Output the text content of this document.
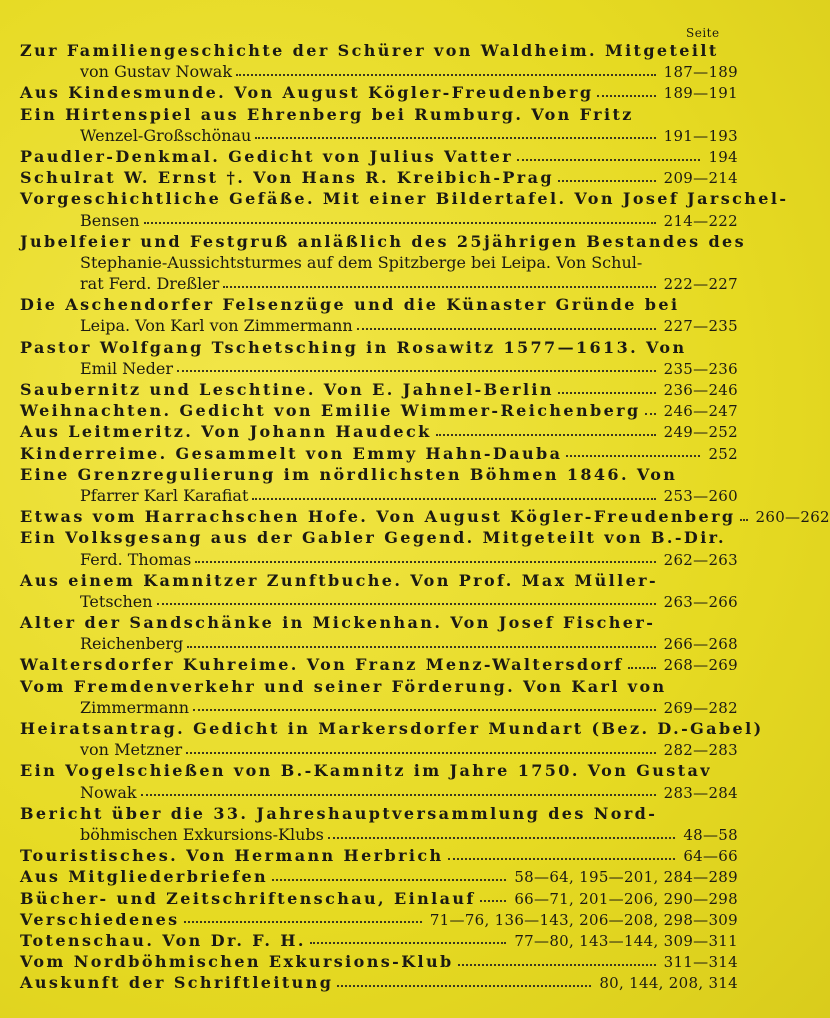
Seite
Zur Familiengeschichte der Schürer von Waldheim. Mitgeteilt
von Gustav Nowak	187—189
Aus Kindesmunde. Von August Kögler-Freudenberg	189—191
Ein Hirtenspiel aus Ehrenberg bei Rumburg. Von Fritz
Wenzel-Großschönau	191—193
Paudler-Denkmal. Gedicht von Julius Vatter	194
Schulrat W. Ernst †. Von Hans R. Kreibich-Prag	209—214
Vorgeschichtliche Gefäße. Mit einer Bildertafel. Von Josef Jarschel-
Bensen	214—222
Jubelfeier und Festgruß anläßlich des 25jährigen Bestandes des
Stephanie-Aussichtsturmes auf dem Spitzberge bei Leipa. Von Schul-
rat Ferd. Dreßler	222—227
Die Aschendorfer Felsenzüge und die Künaster Gründe bei
Leipa. Von Karl von Zimmermann	227—235
Pastor Wolfgang Tschetsching in Rosawitz 1577—1613. Von
Emil Neder	235—236
Saubernitz und Leschtine. Von E. Jahnel-Berlin	236—246
Weihnachten. Gedicht von Emilie Wimmer-Reichenberg 246—247
Aus Leitmeritz. Von Johann Haudeck	249—252
Kinderreime. Gesammelt von Emmy Hahn-Dauba	252
Eine Grenzregulierung im nördlichsten Böhmen 1846. Von
Pfarrer Karl Karafiat	253—260
Etwas vom Harrachschen Hofe. Von August Kögler-Freudenberg 260—262
Ein Volksgesang aus der Gabler Gegend. Mitgeteilt von B.-Dir.
Ferd. Thomas	262—263
Aus einem Kamnitzer Zunftbuche. Von Prof. Max Müller-
Tetschen	263—266
Alter der Sandschänke in Mickenhan. Von Josef Fischer-
Reichenberg	266—268
Waltersdorfer Kuhreime. Von Franz Menz-Waltersdorf	268—269
Vom Fremdenverkehr und seiner Förderung. Von Karl von
Zimmermann	269—282
Heiratsantrag. Gedicht in Markersdorfer Mundart (Bez. D.-Gabel)
von Metzner	282—283
Ein Vogelschießen von B.-Kamnitz im Jahre 1750. Von Gustav
Nowak	283—284
Bericht über die 33. Jahreshauptversammlung des Nord-
böhmischen Exkursions-Klubs	48—58
Touristisches. Von Hermann Herbrich	64—66
Aus Mitgliederbriefen	58—64, 195—201, 284—289
Bücher- und Zeitschriftenschau, Einlauf	66—71, 201—206, 290—298
Verschiedenes	71—76, 136—143, 206—208, 298—309
Totenschau. Von Dr. F. H.	77—80, 143—144, 309—311
Vom Nordböhmischen Exkursions-Klub	311—314
Auskunft der Schriftleitung	80, 144, 208, 314
